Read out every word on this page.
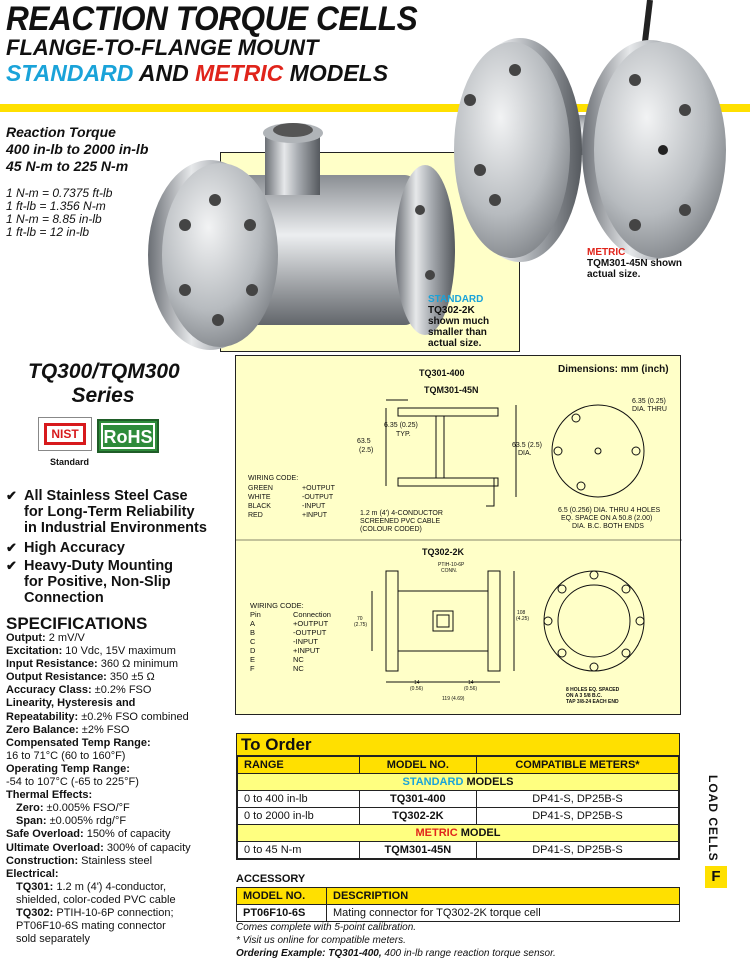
REACTION TORQUE CELLS
FLANGE-TO-FLANGE MOUNT
STANDARD AND METRIC MODELS
Reaction Torque
400 in-lb to 2000 in-lb
45 N-m to 225 N-m
1 N-m = 0.7375 ft-lb
1 ft-lb = 1.356 N-m
1 N-m = 8.85 in-lb
1 ft-lb = 12 in-lb
METRIC
TQM301-45N shown
actual size.
STANDARD
TQ302-2K
shown much
smaller than
actual size.
TQ300/TQM300
Series
NIST
Standard
RoHS
✔ All Stainless Steel Case
for Long-Term Reliability
in Industrial Environments
✔ High Accuracy
✔ Heavy-Duty Mounting
for Positive, Non-Slip
Connection
SPECIFICATIONS
Output: 2 mV/V
Excitation: 10 Vdc, 15V maximum
Input Resistance: 360 Ω minimum
Output Resistance: 350 ±5 Ω
Accuracy Class: ±0.2% FSO
Linearity, Hysteresis and
Repeatability: ±0.2% FSO combined
Zero Balance: ±2% FSO
Compensated Temp Range:
16 to 71°C (60 to 160°F)
Operating Temp Range:
-54 to 107°C (-65 to 225°F)
Thermal Effects:
Zero: ±0.005% FSO/°F
Span: ±0.005% rdg/°F
Safe Overload: 150% of capacity
Ultimate Overload: 300% of capacity
Construction: Stainless steel
Electrical:
TQ301: 1.2 m (4') 4-conductor,
shielded, color-coded PVC cable
TQ302: PTIH-10-6P connection;
PT06F10-6S mating connector
sold separately
Dimensions: mm (inch)
TQ301-400
TQM301-45N
6.35 (0.25)
TYP.
63.5
(2.5)
WIRING CODE:
GREEN	+OUTPUT
WHITE	-OUTPUT
BLACK	-INPUT
RED	+INPUT	1.2 m (4') 4-CONDUCTOR
SCREENED PVC CABLE
(COLOUR CODED)
6.35 (0.25)
DIA. THRU
63.5 (2.5)
DIA.
6.5 (0.256) DIA. THRU 4 HOLES
EQ. SPACE ON A 50.8 (2.00)
DIA. B.C. BOTH ENDS
TQ302-2K
PTIH-10-6P
CONN.
WIRING CODE:
Pin	Connection
A	+OUTPUT
B	-OUTPUT
C	-INPUT
D	+INPUT
E	NC
F	NC
70
(2.75)
108
(4.25)
14
(0.56)
14
(0.56)
119 (4.69)
8 HOLES EQ. SPACED
ON A 3 5/8 B.C.
TAP 3/8-24 EACH END
To Order
RANGE	MODEL NO.	COMPATIBLE METERS*
STANDARD MODELS		
0 to 400 in-lb	TQ301-400	DP41-S, DP25B-S
0 to 2000 in-lb	TQ302-2K	DP41-S, DP25B-S
METRIC MODEL		
0 to 45 N-m	TQM301-45N	DP41-S, DP25B-S
ACCESSORY
MODEL NO.	DESCRIPTION
PT06F10-6S	Mating connector for TQ302-2K torque cell
Comes complete with 5-point calibration.
* Visit us online for compatible meters.
Ordering Example: TQ301-400, 400 in-lb range reaction torque sensor.
LOAD CELLS
F
